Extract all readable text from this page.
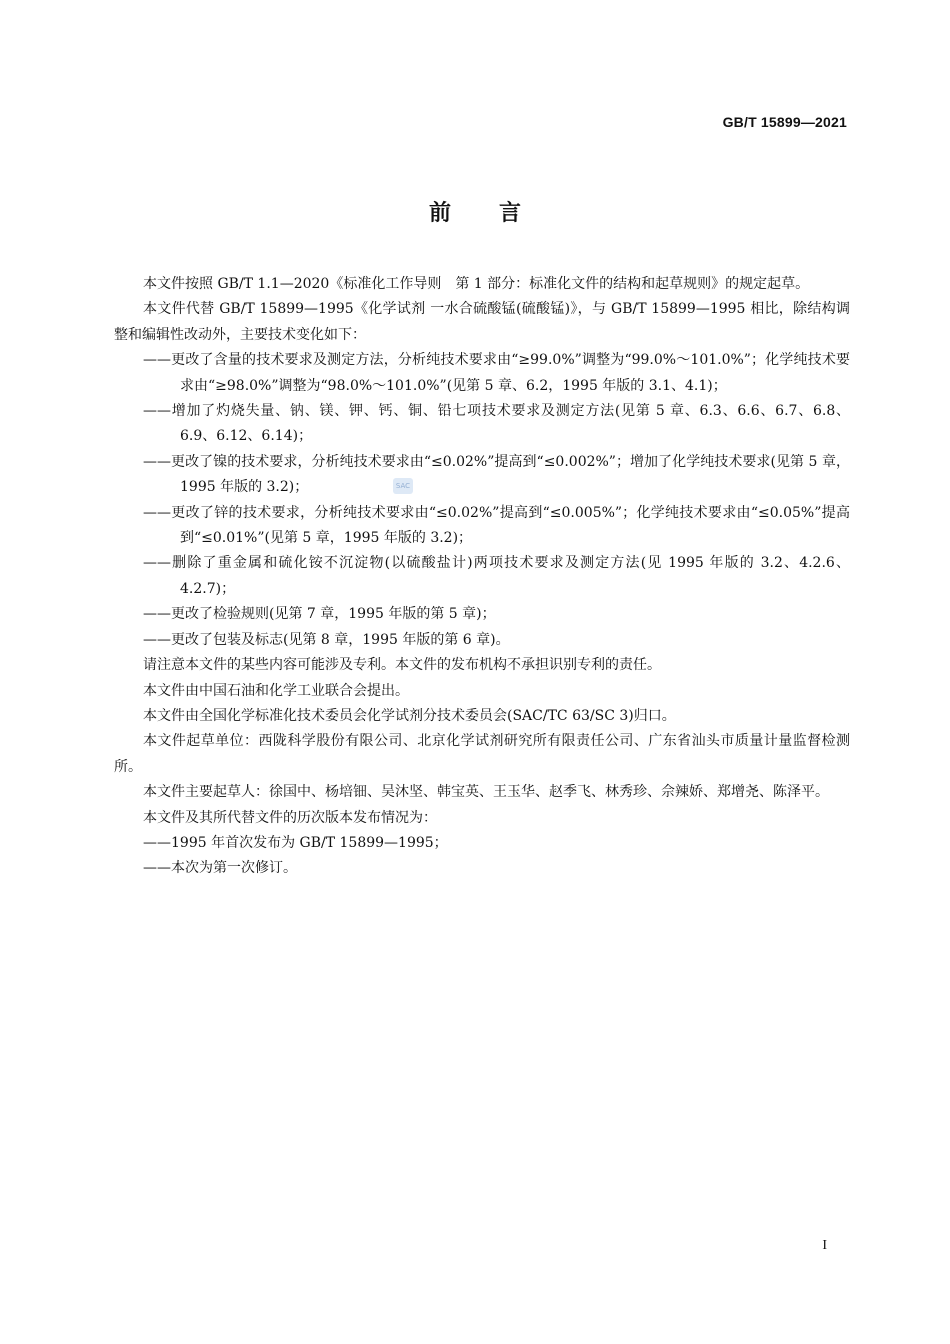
GB/T 15899—2021
前言

本文件按照 GB/T 1.1—2020《标准化工作导则　第 1 部分：标准化文件的结构和起草规则》的规定起草。

本文件代替 GB/T 15899—1995《化学试剂 一水合硫酸锰(硫酸锰)》，与 GB/T 15899—1995 相比，除结构调整和编辑性改动外，主要技术变化如下：

——更改了含量的技术要求及测定方法，分析纯技术要求由“≥99.0%”调整为“99.0%～101.0%”；化学纯技术要求由“≥98.0%”调整为“98.0%～101.0%”(见第 5 章、6.2，1995 年版的 3.1、4.1)；

——增加了灼烧失量、钠、镁、钾、钙、铜、铅七项技术要求及测定方法(见第 5 章、6.3、6.6、6.7、6.8、6.9、6.12、6.14)；

——更改了镍的技术要求，分析纯技术要求由“≤0.02%”提高到“≤0.002%”；增加了化学纯技术要求(见第 5 章，1995 年版的 3.2)；

——更改了锌的技术要求，分析纯技术要求由“≤0.02%”提高到“≤0.005%”；化学纯技术要求由“≤0.05%”提高到“≤0.01%”(见第 5 章，1995 年版的 3.2)；

——删除了重金属和硫化铵不沉淀物(以硫酸盐计)两项技术要求及测定方法(见 1995 年版的 3.2、4.2.6、4.2.7)；

——更改了检验规则(见第 7 章，1995 年版的第 5 章)；

——更改了包装及标志(见第 8 章，1995 年版的第 6 章)。

请注意本文件的某些内容可能涉及专利。本文件的发布机构不承担识别专利的责任。

本文件由中国石油和化学工业联合会提出。

本文件由全国化学标准化技术委员会化学试剂分技术委员会(SAC/TC 63/SC 3)归口。

本文件起草单位：西陇科学股份有限公司、北京化学试剂研究所有限责任公司、广东省汕头市质量计量监督检测所。

本文件主要起草人：徐国中、杨培钿、吴沐坚、韩宝英、王玉华、赵季飞、林秀珍、佘辣娇、郑增尧、陈泽平。

本文件及其所代替文件的历次版本发布情况为：

——1995 年首次发布为 GB/T 15899—1995；

——本次为第一次修订。

SAC
I
